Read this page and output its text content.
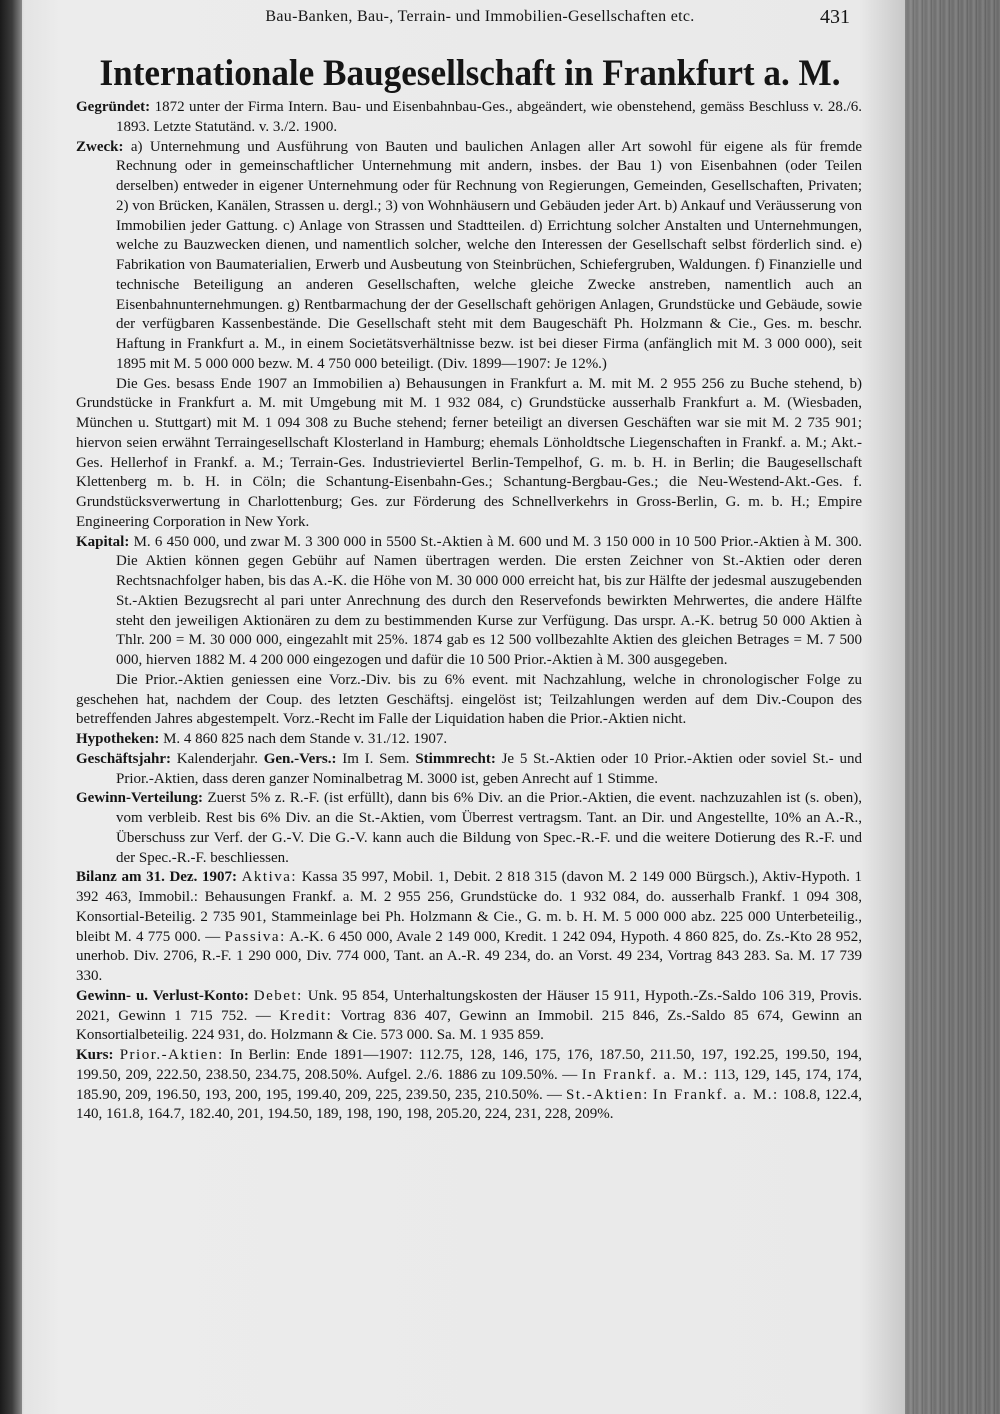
Bau-Banken, Bau-, Terrain- und Immobilien-Gesellschaften etc.	431
Internationale Baugesellschaft in Frankfurt a. M.

Gegründet: 1872 unter der Firma Intern. Bau- und Eisenbahnbau-Ges., abgeändert, wie obenstehend, gemäss Beschluss v. 28./6. 1893. Letzte Statutänd. v. 3./2. 1900.

Zweck: a) Unternehmung und Ausführung von Bauten und baulichen Anlagen aller Art sowohl für eigene als für fremde Rechnung oder in gemeinschaftlicher Unternehmung mit andern, insbes. der Bau 1) von Eisenbahnen (oder Teilen derselben) entweder in eigener Unternehmung oder für Rechnung von Regierungen, Gemeinden, Gesellschaften, Privaten; 2) von Brücken, Kanälen, Strassen u. dergl.; 3) von Wohnhäusern und Gebäuden jeder Art. b) Ankauf und Veräusserung von Immobilien jeder Gattung. c) Anlage von Strassen und Stadtteilen. d) Errichtung solcher Anstalten und Unternehmungen, welche zu Bauzwecken dienen, und namentlich solcher, welche den Interessen der Gesellschaft selbst förderlich sind. e) Fabrikation von Baumaterialien, Erwerb und Ausbeutung von Steinbrüchen, Schiefergruben, Waldungen. f) Finanzielle und technische Beteiligung an anderen Gesellschaften, welche gleiche Zwecke anstreben, namentlich auch an Eisenbahnunternehmungen. g) Rentbarmachung der der Gesellschaft gehörigen Anlagen, Grundstücke und Gebäude, sowie der verfügbaren Kassenbestände. Die Gesellschaft steht mit dem Baugeschäft Ph. Holzmann & Cie., Ges. m. beschr. Haftung in Frankfurt a. M., in einem Societätsverhältnisse bezw. ist bei dieser Firma (anfänglich mit M. 3 000 000), seit 1895 mit M. 5 000 000 bezw. M. 4 750 000 beteiligt. (Div. 1899—1907: Je 12%.)

Die Ges. besass Ende 1907 an Immobilien a) Behausungen in Frankfurt a. M. mit M. 2 955 256 zu Buche stehend, b) Grundstücke in Frankfurt a. M. mit Umgebung mit M. 1 932 084, c) Grundstücke ausserhalb Frankfurt a. M. (Wiesbaden, München u. Stuttgart) mit M. 1 094 308 zu Buche stehend; ferner beteiligt an diversen Geschäften war sie mit M. 2 735 901; hiervon seien erwähnt Terraingesellschaft Klosterland in Hamburg; ehemals Lönholdtsche Liegenschaften in Frankf. a. M.; Akt.-Ges. Hellerhof in Frankf. a. M.; Terrain-Ges. Industrieviertel Berlin-Tempelhof, G. m. b. H. in Berlin; die Baugesellschaft Klettenberg m. b. H. in Cöln; die Schantung-Eisenbahn-Ges.; Schantung-Bergbau-Ges.; die Neu-Westend-Akt.-Ges. f. Grundstücksverwertung in Charlottenburg; Ges. zur Förderung des Schnellverkehrs in Gross-Berlin, G. m. b. H.; Empire Engineering Corporation in New York.

Kapital: M. 6 450 000, und zwar M. 3 300 000 in 5500 St.-Aktien à M. 600 und M. 3 150 000 in 10 500 Prior.-Aktien à M. 300. Die Aktien können gegen Gebühr auf Namen übertragen werden. Die ersten Zeichner von St.-Aktien oder deren Rechtsnachfolger haben, bis das A.-K. die Höhe von M. 30 000 000 erreicht hat, bis zur Hälfte der jedesmal auszugebenden St.-Aktien Bezugsrecht al pari unter Anrechnung des durch den Reservefonds bewirkten Mehrwertes, die andere Hälfte steht den jeweiligen Aktionären zu dem zu bestimmenden Kurse zur Verfügung. Das urspr. A.-K. betrug 50 000 Aktien à Thlr. 200 = M. 30 000 000, eingezahlt mit 25%. 1874 gab es 12 500 vollbezahlte Aktien des gleichen Betrages = M. 7 500 000, hierven 1882 M. 4 200 000 eingezogen und dafür die 10 500 Prior.-Aktien à M. 300 ausgegeben.

Die Prior.-Aktien geniessen eine Vorz.-Div. bis zu 6% event. mit Nachzahlung, welche in chronologischer Folge zu geschehen hat, nachdem der Coup. des letzten Geschäftsj. eingelöst ist; Teilzahlungen werden auf dem Div.-Coupon des betreffenden Jahres abgestempelt. Vorz.-Recht im Falle der Liquidation haben die Prior.-Aktien nicht.

Hypotheken: M. 4 860 825 nach dem Stande v. 31./12. 1907.

Geschäftsjahr: Kalenderjahr. Gen.-Vers.: Im I. Sem. Stimmrecht: Je 5 St.-Aktien oder 10 Prior.-Aktien oder soviel St.- und Prior.-Aktien, dass deren ganzer Nominalbetrag M. 3000 ist, geben Anrecht auf 1 Stimme.

Gewinn-Verteilung: Zuerst 5% z. R.-F. (ist erfüllt), dann bis 6% Div. an die Prior.-Aktien, die event. nachzuzahlen ist (s. oben), vom verbleib. Rest bis 6% Div. an die St.-Aktien, vom Überrest vertragsm. Tant. an Dir. und Angestellte, 10% an A.-R., Überschuss zur Verf. der G.-V. Die G.-V. kann auch die Bildung von Spec.-R.-F. und die weitere Dotierung des R.-F. und der Spec.-R.-F. beschliessen.

Bilanz am 31. Dez. 1907: Aktiva: Kassa 35 997, Mobil. 1, Debit. 2 818 315 (davon M. 2 149 000 Bürgsch.), Aktiv-Hypoth. 1 392 463, Immobil.: Behausungen Frankf. a. M. 2 955 256, Grundstücke do. 1 932 084, do. ausserhalb Frankf. 1 094 308, Konsortial-Beteilig. 2 735 901, Stammeinlage bei Ph. Holzmann & Cie., G. m. b. H. M. 5 000 000 abz. 225 000 Unterbeteilig., bleibt M. 4 775 000. — Passiva: A.-K. 6 450 000, Avale 2 149 000, Kredit. 1 242 094, Hypoth. 4 860 825, do. Zs.-Kto 28 952, unerhob. Div. 2706, R.-F. 1 290 000, Div. 774 000, Tant. an A.-R. 49 234, do. an Vorst. 49 234, Vortrag 843 283. Sa. M. 17 739 330.

Gewinn- u. Verlust-Konto: Debet: Unk. 95 854, Unterhaltungskosten der Häuser 15 911, Hypoth.-Zs.-Saldo 106 319, Provis. 2021, Gewinn 1 715 752. — Kredit: Vortrag 836 407, Gewinn an Immobil. 215 846, Zs.-Saldo 85 674, Gewinn an Konsortialbeteilig. 224 931, do. Holzmann & Cie. 573 000. Sa. M. 1 935 859.

Kurs: Prior.-Aktien: In Berlin: Ende 1891—1907: 112.75, 128, 146, 175, 176, 187.50, 211.50, 197, 192.25, 199.50, 194, 199.50, 209, 222.50, 238.50, 234.75, 208.50%. Aufgel. 2./6. 1886 zu 109.50%. — In Frankf. a. M.: 113, 129, 145, 174, 174, 185.90, 209, 196.50, 193, 200, 195, 199.40, 209, 225, 239.50, 235, 210.50%. — St.-Aktien: In Frankf. a. M.: 108.8, 122.4, 140, 161.8, 164.7, 182.40, 201, 194.50, 189, 198, 190, 198, 205.20, 224, 231, 228, 209%.
